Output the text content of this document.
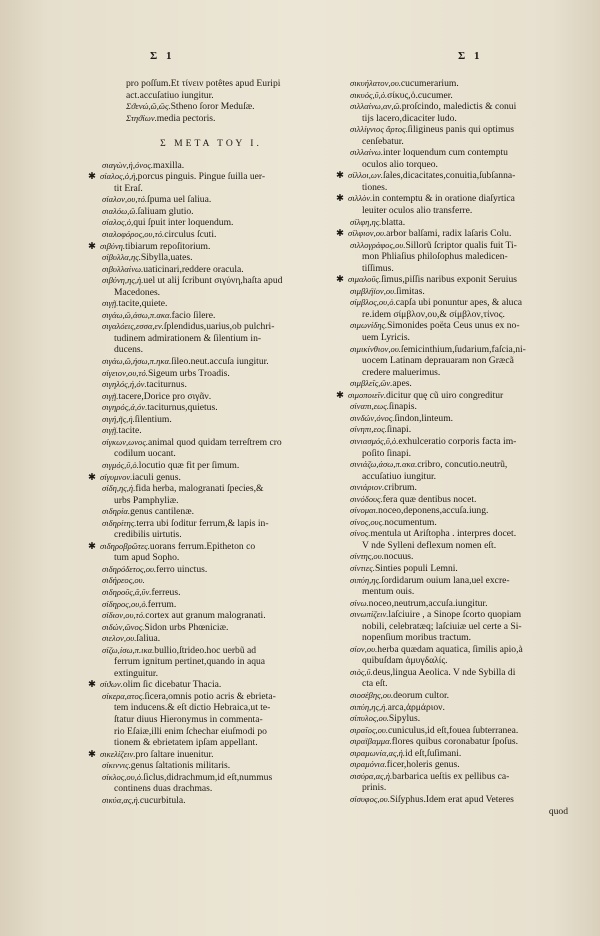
Σ 1	Σ 1
pro poſſum.Et τίνειν potêtes apud Euripi
act.accuſatiuo iungitur.
Σϑενώ,ῶ,ῶς.Stheno ſoror Meduſæ.
Στηϑίων.media pectoris.
Σ ΜΕΤΑ ΤΟΥ Ι.
σιαγὼν,ἡ,όνος.maxilla.
✱ σίαλος,ὁ,ἡ,porcus pinguis. Pingue ſuilla uer-
tit Eraſ.
σίαλον,ου,τό.ſpuma uel ſaliua.
σιαλόω,ῶ.ſaliuam glutio.
σίαλος,ὁ,qui ſpuit inter loquendum.
σιαλοφόρος,ου,τό.circulus ſcuti.
✱ σιβύνη.tibiarum repoſitorium.
σίβυλλα,ης.Sibylla,uates.
σιβυλλαίνω.uaticinari,reddere oracula.
σιβύνη,ης,ἡ.uel ut alij ſcribunt σιγύνη,haſta apud
Macedones.
σιγῇ.tacite,quiete.
σιγάω,ῶ,άσω,π.ακα.facio ſilere.
σιγαλόεις,εσσα,εν.ſplendidus,uarius,ob pulchri-
tudinem admirationem & ſilentium in-
ducens.
σιγάω,ῶ,ήσω,π.ηκα.ſileo.neut.accuſa iungitur.
σίγειον,ου,τό.Sigeum urbs Troadis.
σιγηλός,ή,όν.taciturnus.
σιγῇ.tacere,Dorice pro σιγᾶν.
σιγηρός,ά,όν.taciturnus,quietus.
σιγή,ῆς,ἡ.ſilentium.
σιγῇ.tacite.
σίγκων,ωνος.animal quod quidam terreſtrem cro
codilum uocant.
σιγμός,ῦ,ὁ.locutio quæ fit per ſimum.
✱ σίγυμνον.iaculi genus.
σίδη,ης,ἡ.fida herba, malogranati ſpecies,&
urbs Pamphyliæ.
σιδηρία.genus cantilenæ.
σιδηρίτης.terra ubi ſoditur ferrum,& lapis in-
credibilis uirtutis.
✱ σιδηροβρῶτες.uorans ferrum.Epitheton co
tum apud Sopho.
σιδηρόδετος,ου.ferro uinctus.
σιδήρεος,ου.
σιδηροῦς,ᾶ,ῦν.ferreus.
σίδηρος,ου,ὁ.ferrum.
σίδιον,ου,τό.cortex aut granum malogranati.
σιδών,ῶνος.Sidon urbs Phœniciæ.
σιελον,ου.ſaliua.
σίζω,ίσω,π.ικα.bullio,ſtrideo.hoc uerbũ ad
ferrum ignitum pertinet,quando in aqua
extinguitur.
✱ σίϑων.olim ſic dicebatur Thacia.
σίκερα,ατος.ſicera,omnis potio acris & ebrieta-
tem inducens.& eſt dictio Hebraica,ut te-
ſtatur diuus Hieronymus in commenta-
rio Eſaiæ,illi enim ſchechar eiuſmodi po
tionem & ebrietatem ipſam appellant.
✱ σικελίζειν.pro ſaltare inuenitur.
σίκιννις.genus ſaltationis militaris.
σίκλος,ου,ὁ.ſiclus,didrachmum,id eſt,nummus
continens duas drachmas.
σικύα,ας,ἡ.cucurbitula.
σικυήλατον,ου.cucumerarium.
σικυός,ῦ,ὁ.σίκυς,ὁ.cucumer.
σιλλαίνω,αν,ῶ.proſcindo, maledictis & conui
tijs lacero,dicaciter ludo.
σιλλίγνιος ἄρτος.ſiligineus panis qui optimus
cenſebatur.
σιλλαίνω.inter loquendum cum contemptu
oculos alio torqueo.
✱ σίλλοι,ων.ſales,dicacitates,conuitia,ſubſanna-
tiones.
✱ σιλλὸν.in contemptu & in oratione diaſyrtica
leuiter oculos alio transferre.
σίλφη,ης.blatta.
✱ σίλφιον,ου.arbor balſami, radix laſaris Colu.
σιλλογράφος,ου.Sillorũ ſcriptor qualis fuit Ti-
mon Phliaſius philoſophus maledicen-
tiſſimus.
✱ σιμαλοῦς.ſimus,piſſis naribus exponit Seruius
σιμβλήϊον,ου.ſimitas.
σίμβλος,ου,ὁ.capſa ubi ponuntur apes, & aluca
re.idem σίμβλον,ου,& σίμβλον,τίνος.
σιμωνίδης.Simonides poëta Ceus unus ex no-
uem Lyricis.
σιμικίνθιον,ου.ſemicinthium,ſudarium,faſcia,ni-
uocem Latinam deprauaram non Græcã
credere maluerimus.
σιμβλεῖς,ῶν.apes.
✱ σιμοποιεῖν.dicitur quę cũ uiro congreditur
σίναπι,εως.ſinapis.
σινδών,όνος.ſindon,linteum.
σίνηπι,εος.ſinapi.
σινιασμός,ῦ,ὁ.exhulceratio corporis facta im-
poſito ſinapi.
σινιάζω,άσω,π.ακα.cribro, concutio.neutrũ,
accuſatiuo iungitur.
σινιάριον.cribrum.
σινόδους.fera quæ dentibus nocet.
σίνομαι.noceo,deponens,accuſa.iung.
σίνος,ους.nocumentum.
σίνος.mentula ut Ariſtopha . interpres docet.
V nde Sylleni deflexum nomen eſt.
σίντης,ου.nocuus.
σίντιες.Sinties populi Lemni.
σιπύη,ης.ſordidarum ouium lana,uel excre-
mentum ouis.
σίνω.noceo,neutrum,accuſa.iungitur.
σινωπίζειν.laſciuire , a Sinope ſcorto quopiam
nobili, celebratæq; laſciuiæ uel certe a Si-
nopenſium moribus tractum.
σίον,ου.herba quædam aquatica, ſimilis apio,à
quibuſdam ἀμυγδαλίς.
σιὸς,ῦ.deus,lingua Aeolica. V nde Sybilla di
cta eſt.
σιοσέβης,ου.deorum cultor.
σιπύη,ης,ἡ.arca,ἀρμάριον.
σίπυλος,ου.Sipylus.
σιραῖος,ου.cuniculus,id eſt,fouea ſubterranea.
σιραϊβαμμα.flores quibus coronabatur ſpoſus.
σιραμωνία,ας,ἡ.id eſt,ſuſimani.
σιραμόνια.ficer,holeris genus.
σισύρα,ας,ἡ.barbarica ueſtis ex pellibus ca-
prinis.
σίσυφος,ου.Siſyphus.Idem erat apud Veteres
quod
